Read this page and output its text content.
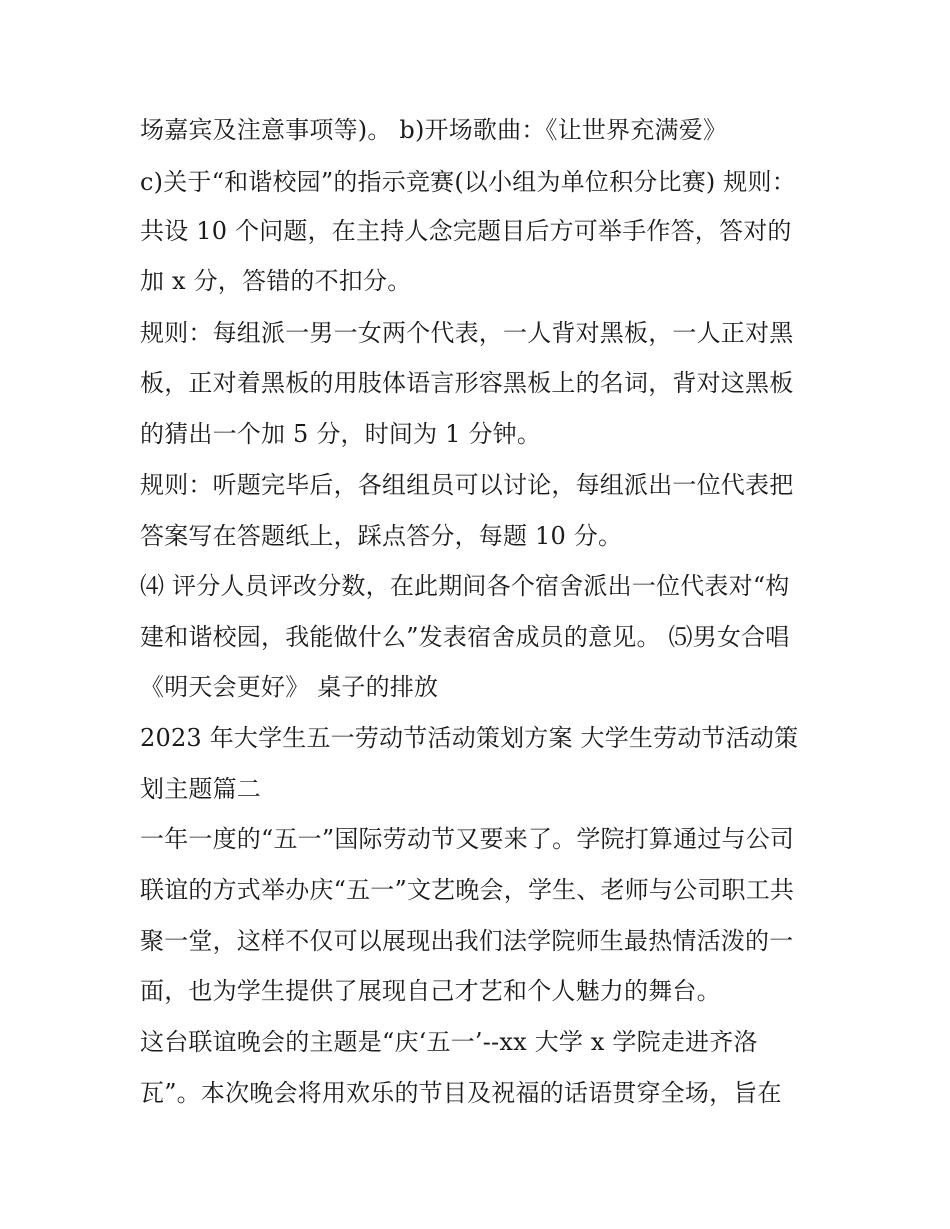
场嘉宾及注意事项等)。 b)开场歌曲：《让世界充满爱》
c)关于“和谐校园”的指示竞赛(以小组为单位积分比赛) 规则：
共设 10 个问题，在主持人念完题目后方可举手作答，答对的
加 x 分，答错的不扣分。
规则：每组派一男一女两个代表，一人背对黑板，一人正对黑
板，正对着黑板的用肢体语言形容黑板上的名词，背对这黑板
的猜出一个加 5 分，时间为 1 分钟。
规则：听题完毕后，各组组员可以讨论，每组派出一位代表把
答案写在答题纸上，踩点答分，每题 10 分。
⑷ 评分人员评改分数，在此期间各个宿舍派出一位代表对“构
建和谐校园，我能做什么”发表宿舍成员的意见。 ⑸男女合唱
《明天会更好》 桌子的排放
2023 年大学生五一劳动节活动策划方案 大学生劳动节活动策
划主题篇二
一年一度的“五一”国际劳动节又要来了。学院打算通过与公司
联谊的方式举办庆“五一”文艺晚会，学生、老师与公司职工共
聚一堂，这样不仅可以展现出我们法学院师生最热情活泼的一
面，也为学生提供了展现自己才艺和个人魅力的舞台。
这台联谊晚会的主题是“庆‘五一’--xx 大学 x 学院走进齐洛
瓦”。本次晚会将用欢乐的节目及祝福的话语贯穿全场，旨在
